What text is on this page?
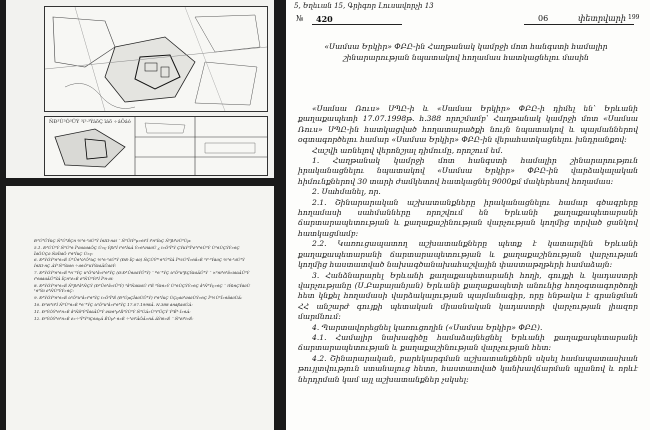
ÑÐ³Ù³Ó³ÛÝ ³í³·³ÝáõÇ ïáõ ÷áÕáó

Ð³Ù³ÛÝùÇ Ñ³Ù³ÉÇñ ½³ñ·³óÙ³Ý ÍñIII·ñáí ¨ Ñ³ÛïÝ³μ»ñí³Í ï³ñ³ÍùÇ Ñ³ßí³éÙ³Ùμ:

5.1. Ð³ÙÙ³Ý Ñ³Ù³ñ Ï³éáõóáÕÇ Ù»ç Ýßí³Í ï³ñ³ÍùÁ Ý»ñ³éíáõÙ ¿ ï»Õ³Ï³Ý ÇÝùÝ³Ï³é³í³ñÙ³Ý Ù³ñÙÇÝÝ»ñÇ ÏáÕÙÇó ÑëÏíáÕ ï³ñ³ÍùÇ Ù»ç:

6. Ð³ÝÓÝ³ñ³ñ»É Ù³Ûñ³ù³Õ³ùÇ ½³ñ·³óÙ³Ý (ÐÐ ÏÇ·áõ) ÑÇÙÝ³¹ñ³Ù³ÝÁ Ï³½Ù³Ï»ñå»É ³í³·³ÝáõÇ ½³ñ·³óÙ³Ý ÍñIII·ñÇ ÁÝ¹Ñ³Ýáõñ ÷áñÓ³ùÝÝáõÃÛáõÝ:

7. Ð³ÝÓÝ³ñ³ñ»É ºñ¨³ÝÇ ù³Õ³ù³å»ï³ñ³ÝÇ (Ø.Ð³ÛñáõÝÛ³Ý) ¨ ºñ¨³ÝÇ ù³Õ³ù³ßÇÝáõÃÛ³Ý ¨ ×³ñï³ñ³å»ïáõÃÛ³Ý í³ñãáõÃÛ³ÝÁ ÏÇñ³é»É ë³ÑÙ³Ýí³Í Ï³ñ·áí:

8. Ð³ÝÓÝ³ñ³ñ»É Ñ³ßí³å³ÑÇÝ (Ð³Ûñ³å»ïÛ³Ý) ³å³ÑáíáõÙ ï³É ³Ýáñ»Ý Ù³ñÙÇÝÝ»ñÇ å³Ñ³Ýç»ñÇ ¨ ïÝûñÇÝáõÙ ¹ñ³Ýó ë³ÑÙ³ÝÝ»ñÇ:

9. Ð³ÝÓÝ³ñ³ñ»É ù³Õ³ù³å»ï³ñ³ÝÇ ï»Õ³Ï³É (Ð³ÙμÇÏáõÙÛ³Ý) ï³ñ³ÍùÇ ÙÇçáó³éáõÙÝ»ñÇ Ï³½Ù³Ï»ñåáõÙÁ:

10. Ð³ëï³ïí³Í Ñ³Ù³ñ»É ºñ¨³ÝÇ ù³Õ³ù³å»ï³ñ³ÝÇ 17.07.1998Ã. N.388 áñáßáõÙÁ:

11. Ð³ÝÓÝ³ñ³ñ»É å³Ñå³Ý³ÏáõÃÛ³Ý ëïáñ³μ³Å³ÝÙ³Ý Ñ³ÙÁ»Ù³ï³ÛÇÝ Ý³Ë³·Í»ñÁ:

12. Ð³ÝÓÝ³ñ³ñ»É ë»÷³Ï³Ý³ïÇñáçÁ ËÙμ³·ñ»É ÷³ëï³ÃÕÃ»ñÁ ÁÝïñ»É ¨ Ñ³ëï³ï»É:

5, Եղեւան 15, Գրիգոր Լուսավորչի 13
№ 420	06	փետրվարի 199
«Սամսա Երկիր» ՓԲԸ-ին Հաղթանակ կամրջի մոտ հանգստի համալիր շինարարության նպատակով հողամաս հատկացնելու մասին

«Սամսա Ռուս» ՍՊԸ-ի և «Սամսա Երկիր» ՓԲԸ-ի դիմել են՝ Երևանի քաղաքապետի 17.07.1998թ. հ.388 որոշմամբ՝ Հաղթանակ կամրջի մոտ «Սամսա Ռուս» ՍՊԸ-ին հատկացված հողատարածքի նույն նպատակով և պայմաններով օգտագործելու համար «Սամսա Երկիր» ՓԲԸ-ին վերահատկացնելու խնդրանքով:

Հաշվի առնելով վերոնշյալ դիմումը, որոշում եմ.

1. Հաղթանակ կամրջի մոտ հանգստի համալիր շինարարություն իրականացնելու նպատակով «Սամսա Երկիր» ՓԲԸ-ին վարձակալական հիմունքներով 30 տարի ժամկետով հատկացնել 9000քմ մակերեսով հողամաս:

2. Սահմանել, որ.

2.1. Շինարարական աշխատանքները իրականացնելու համար գծագրերը հողամասի սահմանները որոշվում են Երևանի քաղաքապետարանի ճարտարապետության և քաղաքաշինության վարչության կողմից տրված ցանկով հատկացմամբ:

2.2. Կառուցապատող աշխատանքները պետք է կատարվեն Երևանի քաղաքապետարանի ճարտարապետության և քաղաքաշինության վարչության կողմից հաստատված նախագծանախահաշվային փաստաթղթերի համաձայն:

3. Հանձնարարել Երևանի քաղաքապետարանի հողի, գույքի և կադաստրի վարչությանը (Ս.Բաբայանյան) Երևանի քաղաքապետի անունից հողօգտագործողի հետ կնքել հողամասի վարձակալության պայմանագիր, որը ենթակա է գրանցման ՀՀ անշարժ գույքի պետական միասնական կադաստրի վարչության լիազոր մարմնում:

4. Պարտավորեցնել կառուցողին («Սամսա Երկիր» ՓԲԸ).

4.1. Համալիր նախագիծը համաձայնեցնել Երևանի քաղաքապետարանի ճարտարապետության և քաղաքաշինության վարչության հետ:

4.2. Շինարարական, բարեկարգման աշխատանքներն սկսել համապատասխան թույլտվություն ստանալուց հետո, հաստատված կանխավճարման պլանով և որևէ ներդրման կամ այլ աշխատանքներ չսկսել:
